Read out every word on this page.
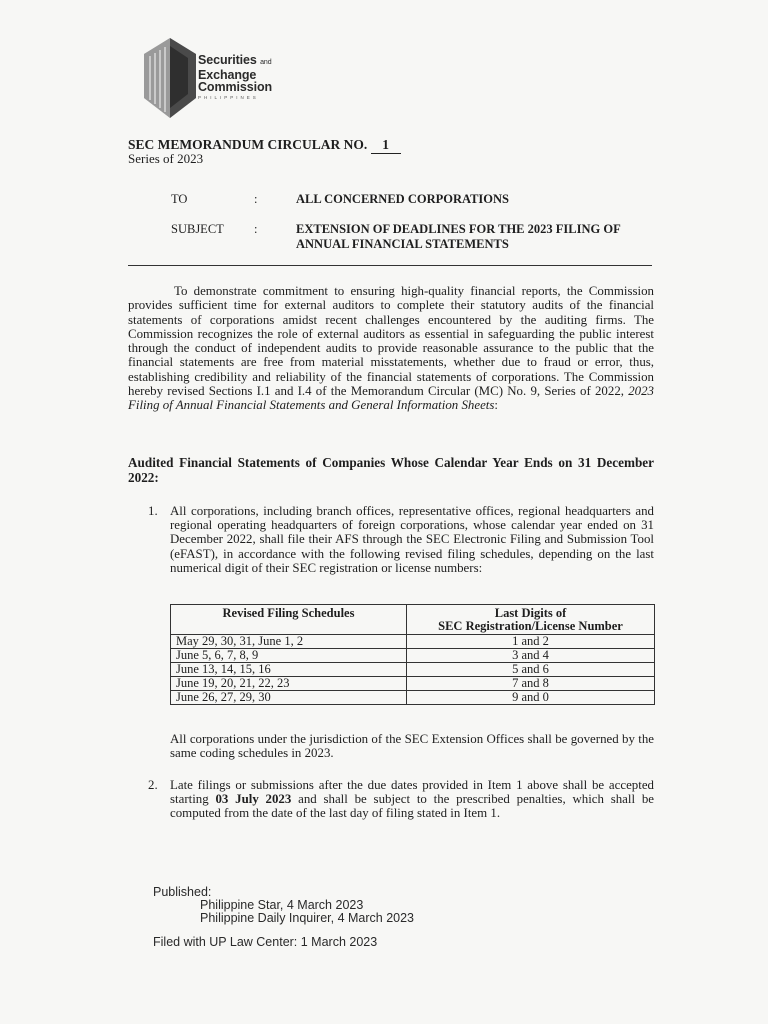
Securities and
Exchange
Commission
PHILIPPINES
SEC MEMORANDUM CIRCULAR NO. 1
Series of 2023
TO	:	ALL CONCERNED CORPORATIONS
SUBJECT :	EXTENSION OF DEADLINES FOR THE 2023 FILING OF ANNUAL FINANCIAL STATEMENTS
To demonstrate commitment to ensuring high-quality financial reports, the Commission provides sufficient time for external auditors to complete their statutory audits of the financial statements of corporations amidst recent challenges encountered by the auditing firms. The Commission recognizes the role of external auditors as essential in safeguarding the public interest through the conduct of independent audits to provide reasonable assurance to the public that the financial statements are free from material misstatements, whether due to fraud or error, thus, establishing credibility and reliability of the financial statements of corporations. The Commission hereby revised Sections I.1 and I.4 of the Memorandum Circular (MC) No. 9, Series of 2022, 2023 Filing of Annual Financial Statements and General Information Sheets:
Audited Financial Statements of Companies Whose Calendar Year Ends on 31 December 2022:
1. All corporations, including branch offices, representative offices, regional headquarters and regional operating headquarters of foreign corporations, whose calendar year ended on 31 December 2022, shall file their AFS through the SEC Electronic Filing and Submission Tool (eFAST), in accordance with the following revised filing schedules, depending on the last numerical digit of their SEC registration or license numbers:
Revised Filing Schedules	Last Digits of
SEC Registration/License Number

May 29, 30, 31, June 1, 2	1 and 2
June 5, 6, 7, 8, 9	3 and 4
June 13, 14, 15, 16	5 and 6
June 19, 20, 21, 22, 23	7 and 8
June 26, 27, 29, 30	9 and 0
All corporations under the jurisdiction of the SEC Extension Offices shall be governed by the same coding schedules in 2023.
2. Late filings or submissions after the due dates provided in Item 1 above shall be accepted starting 03 July 2023 and shall be subject to the prescribed penalties, which shall be computed from the date of the last day of filing stated in Item 1.
Published:
Philippine Star, 4 March 2023
Philippine Daily Inquirer, 4 March 2023
Filed with UP Law Center: 1 March 2023
